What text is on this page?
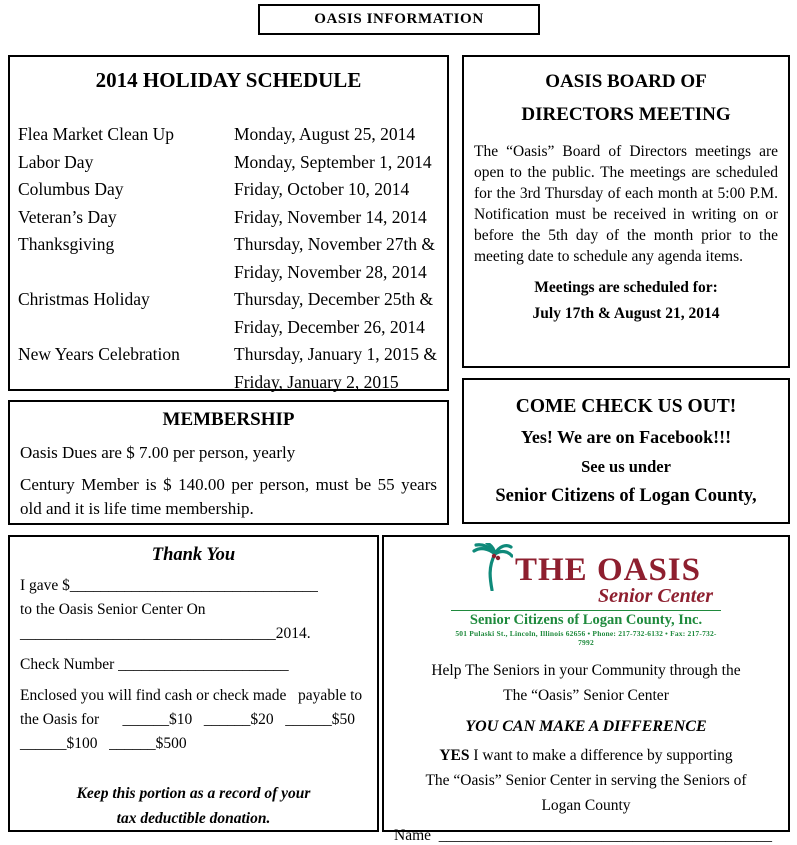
OASIS INFORMATION
2014 HOLIDAY SCHEDULE
Flea Market Clean Up	Monday, August 25, 2014
Labor Day	Monday, September 1, 2014
Columbus Day	Friday, October 10, 2014
Veteran’s Day	Friday, November 14, 2014
Thanksgiving	Thursday, November 27th &
Friday, November 28, 2014
Christmas Holiday	Thursday, December 25th &
Friday, December 26, 2014
New Years Celebration	Thursday, January 1, 2015 &
Friday, January 2, 2015
OASIS BOARD OF
DIRECTORS MEETING
The “Oasis” Board of Directors meetings are open to the public. The meetings are scheduled for the 3rd Thursday of each month at 5:00 P.M. Notification must be received in writing on or before the 5th day of the month prior to the meeting date to schedule any agenda items.
Meetings are scheduled for:
July 17th & August 21, 2014
COME CHECK US OUT!
Yes! We are on Facebook!!!
See us under
Senior Citizens of Logan County,
MEMBERSHIP
Oasis Dues are $ 7.00 per person, yearly
Century Member is $ 140.00 per person, must be 55 years old and it is life time membership.
Thank You
I gave $________________________________
to the Oasis Senior Center On
_________________________________2014.
Check Number ______________________
Enclosed you will find cash or check made   payable to
the Oasis for      ______$10   ______$20   ______$50
______$100   ______$500
Keep this portion as a record of your
tax deductible donation.
THE OASIS
Senior Center
Senior Citizens of Logan County, Inc.
501 Pulaski St., Lincoln, Illinois 62656 • Phone: 217-732-6132 • Fax: 217-732-7992
Help The Seniors in your Community through the
The “Oasis” Senior Center
YOU CAN MAKE A DIFFERENCE
YES I want to make a difference by supporting
The “Oasis” Senior Center in serving the Seniors of
Logan County
Name  ___________________________________________
